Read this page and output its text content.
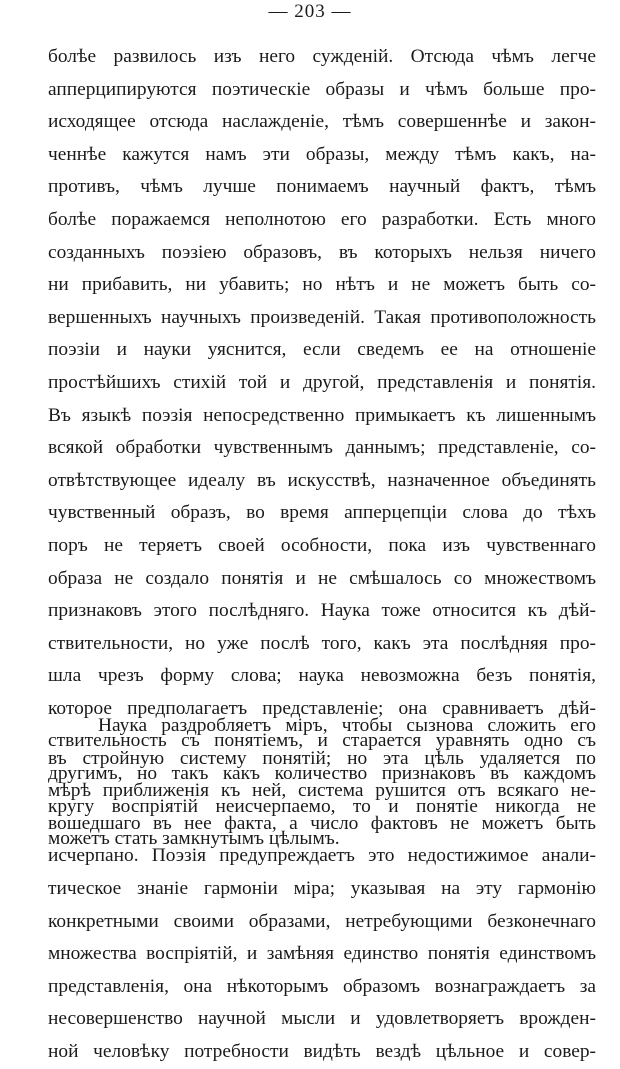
— 203 —
болѣе развилось изъ него сужденій. Отсюда чѣмъ легче
апперципируются поэтическіе образы и чѣмъ больше про-
исходящее отсюда наслажденіе, тѣмъ совершеннѣе и закон-
ченнѣе кажутся намъ эти образы, между тѣмъ какъ, на-
противъ, чѣмъ лучше понимаемъ научный фактъ, тѣмъ
болѣе поражаемся неполнотою его разработки. Есть много
созданныхъ поэзіею образовъ, въ которыхъ нельзя ничего
ни прибавить, ни убавить; но нѣтъ и не можетъ быть со-
вершенныхъ научныхъ произведеній. Такая противоположность
поэзіи и науки уяснится, если сведемъ ее на отношеніе
простѣйшихъ стихій той и другой, представленія и понятія.
Въ языкѣ поэзія непосредственно примыкаетъ къ лишеннымъ
всякой обработки чувственнымъ даннымъ; представленіе, со-
отвѣтствующее идеалу въ искусствѣ, назначенное объединять
чувственный образъ, во время апперцепціи слова до тѣхъ
поръ не теряетъ своей особности, пока изъ чувственнаго
образа не создало понятія и не смѣшалось со множествомъ
признаковъ этого послѣдняго. Наука тоже относится къ дѣй-
ствительности, но уже послѣ того, какъ эта послѣдняя про-
шла чрезъ форму слова; наука невозможна безъ понятія,
которое предполагаетъ представленіе; она сравниваетъ дѣй-
ствительность съ понятіемъ, и старается уравнять одно съ
другимъ, но такъ какъ количество признаковъ въ каждомъ
кругу воспріятій неисчерпаемо, то и понятіе никогда не
можетъ стать замкнутымъ цѣлымъ.
Наука раздробляетъ міръ, чтобы сызнова сложить его
въ стройную систему понятій; но эта цѣль удаляется по
мѣрѣ приближенія къ ней, система рушится отъ всякаго не-
вошедшаго въ нее факта, а число фактовъ не можетъ быть
исчерпано. Поэзія предупреждаетъ это недостижимое анали-
тическое знаніе гармоніи міра; указывая на эту гармонію
конкретными своими образами, нетребующими безконечнаго
множества воспріятій, и замѣняя единство понятія единствомъ
представленія, она нѣкоторымъ образомъ вознаграждаетъ за
несовершенство научной мысли и удовлетворяетъ врожден-
ной человѣку потребности видѣть вездѣ цѣльное и совер-
